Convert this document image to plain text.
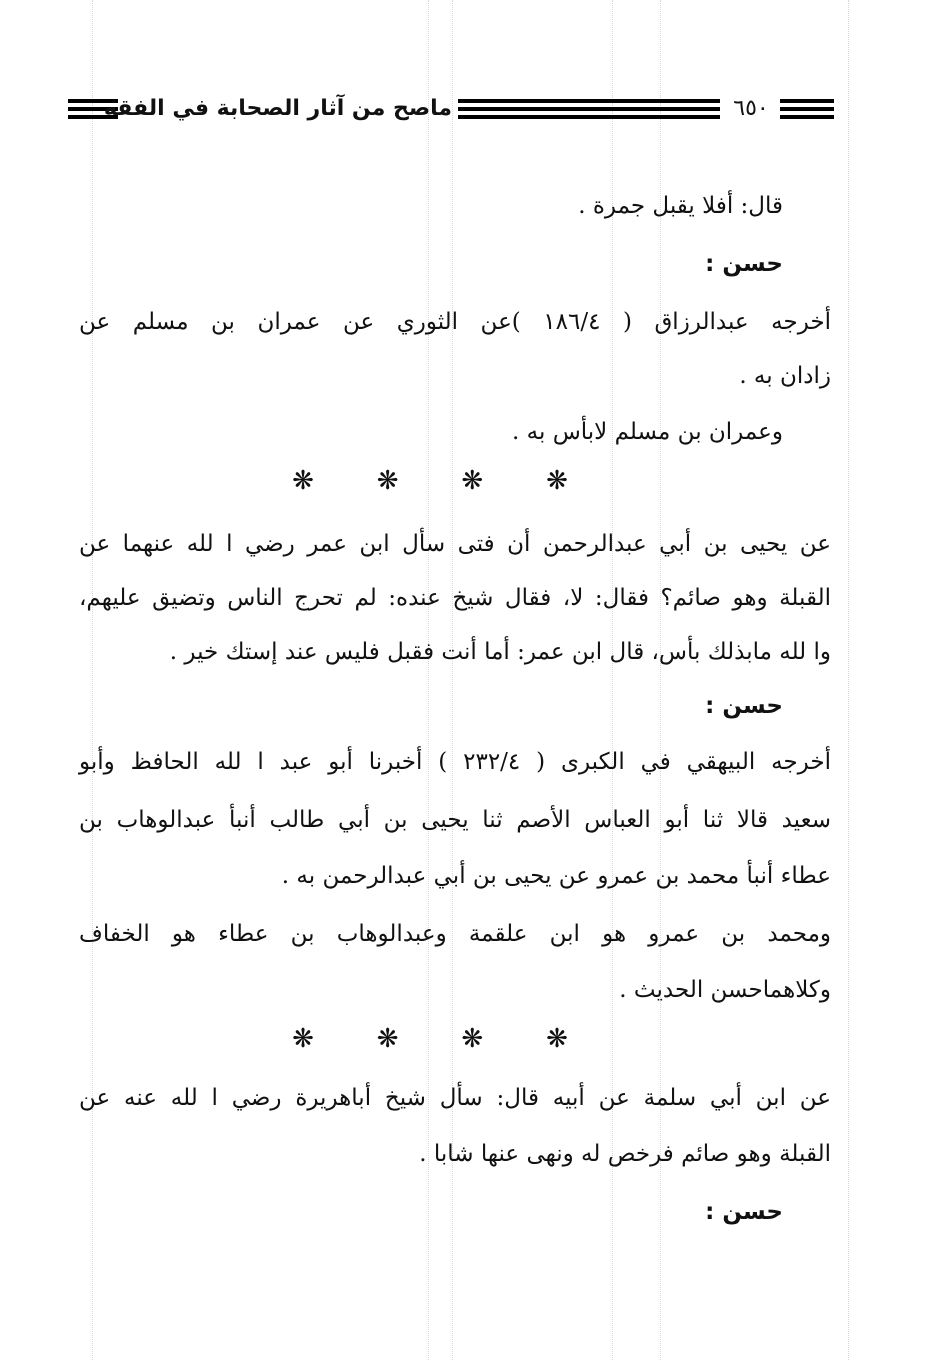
ماصح من آثار الصحابة في الفقه	٦٥٠
قال: أفلا يقبل جمرة .
حسن :
أخرجه عبدالرزاق ( ١٨٦/٤ )عن الثوري عن عمران بن مسلم عن
زادان به .
وعمران بن مسلم لابأس به .
❋ ❋ ❋ ❋
عن يحيى بن أبي عبدالرحمن أن فتى سأل ابن عمر رضي ا لله عنهما عن
القبلة وهو صائم؟ فقال: لا، فقال شيخ عنده: لم تحرج الناس وتضيق عليهم،
وا لله مابذلك بأس، قال ابن عمر: أما أنت فقبل فليس عند إستك خير .
حسن :
أخرجه البيهقي في الكبرى ( ٢٣٢/٤ ) أخبرنا أبو عبد ا لله الحافظ وأبو
سعيد قالا ثنا أبو العباس الأصم ثنا يحيى بن أبي طالب أنبأ عبدالوهاب بن
عطاء أنبأ محمد بن عمرو عن يحيى بن أبي عبدالرحمن به .
ومحمد بن عمرو هو ابن علقمة وعبدالوهاب بن عطاء هو الخفاف
وكلاهماحسن الحديث .
❋ ❋ ❋ ❋
عن ابن أبي سلمة عن أبيه قال: سأل شيخ أباهريرة رضي ا لله عنه عن
القبلة وهو صائم فرخص له ونهى عنها شابا .
حسن :
